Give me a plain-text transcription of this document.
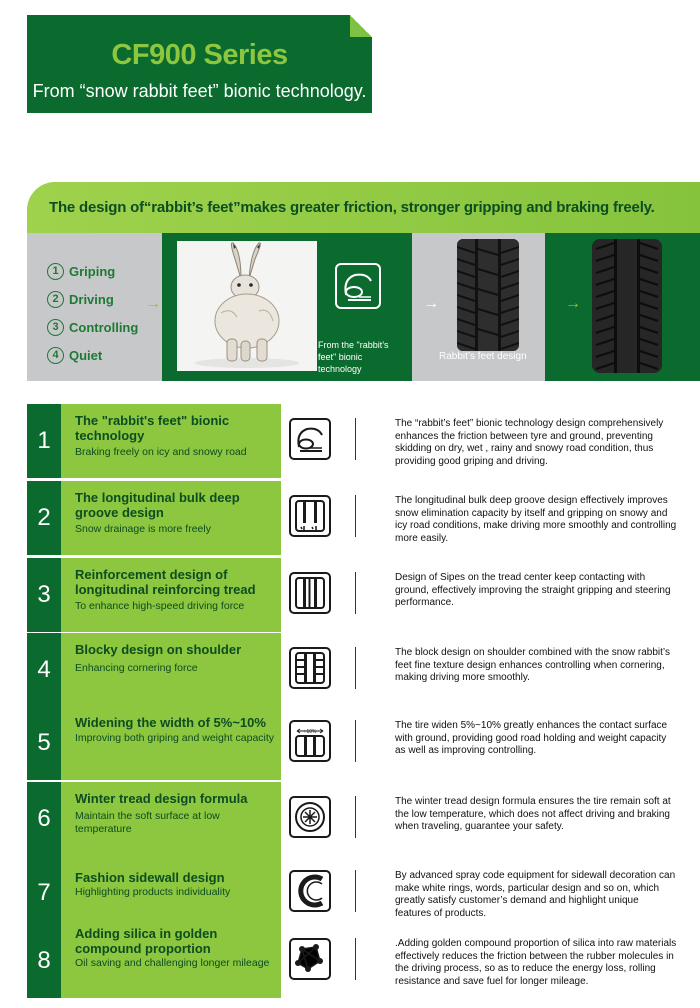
CF900 Series
From “snow rabbit feet” bionic technology.
The design of“rabbit’s feet”makes greater friction, stronger gripping and braking freely.
1 Griping
2 Driving
3 Controlling
4 Quiet
→	→	→
From the "rabbit’s feet" bionic technology
Rabbit’s feet design
1
The "rabbit's feet" bionic technology
Braking freely on icy and snowy road
The “rabbit’s feet” bionic technology design comprehensively enhances the friction between tyre and ground, preventing skidding on dry, wet , rainy and snowy road condition, thus providing good griping and driving.
2
The longitudinal bulk deep groove design
Snow drainage is more freely
The longitudinal bulk deep groove design effectively improves snow elimination capacity by itself and gripping on snowy and icy road conditions, make driving more smoothly and controlling more easily.
3
Reinforcement design of longitudinal reinforcing tread
To enhance high-speed driving force
Design of Sipes on the tread center keep contacting with ground, effectively improving the straight gripping and steering performance.
4
Blocky design on shoulder
Enhancing cornering force
The block design on shoulder combined with the snow rabbit’s feet fine texture design enhances controlling when cornering, making driving more smoothly.
5
Widening the width of 5%~10%
Improving both griping and weight capacity	+10%
The tire widen 5%~10% greatly enhances the contact surface with ground, providing good road holding and weight capacity as well as improving controlling.
6
Winter tread design formula
Maintain the soft surface at low temperature
The winter tread design formula ensures the tire remain soft at the low temperature, which does not affect driving and braking when traveling, guarantee your safety.
7
Fashion sidewall design
Highlighting products individuality
By advanced spray code equipment for sidewall decoration can make white rings, words, particular design and so on, which greatly satisfy customer’s demand and highlight unique features of products.
8
Adding silica in golden compound proportion
Oil saving and challenging longer mileage
.Adding golden compound proportion of silica into raw materials effectively reduces the friction between the rubber molecules in the driving process, so as to reduce the energy loss, rolling resistance and save fuel for longer mileage.
